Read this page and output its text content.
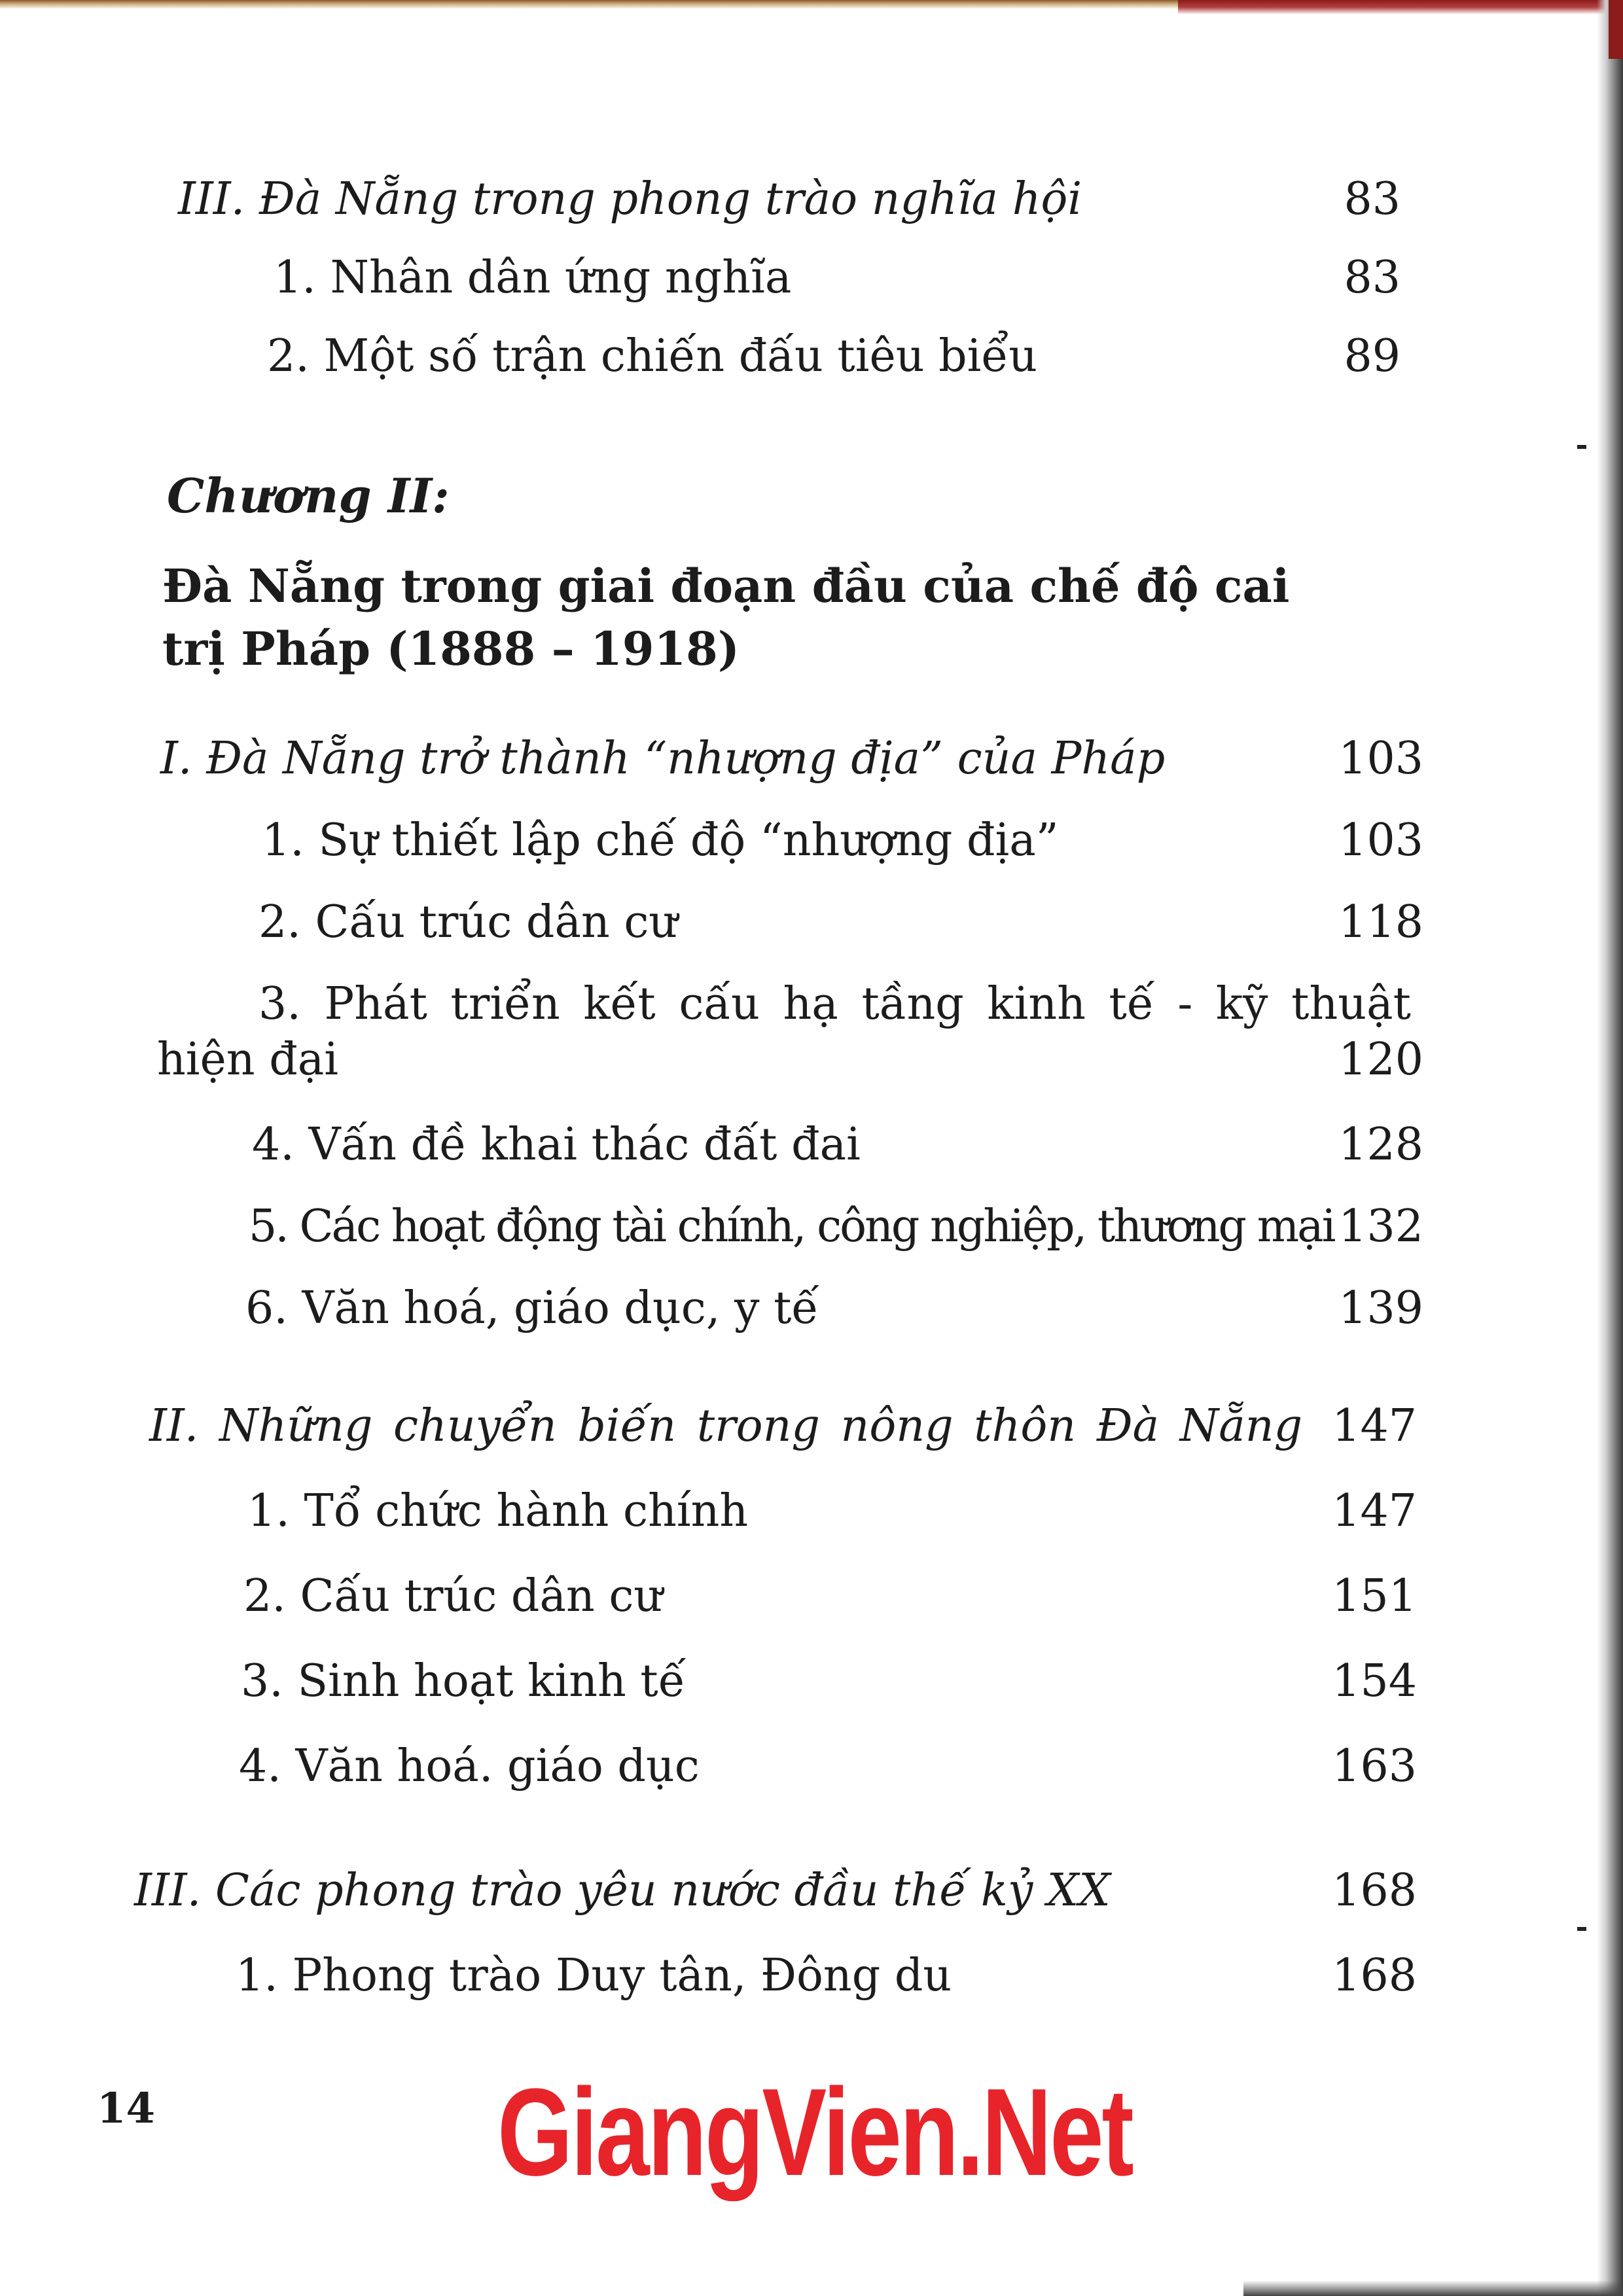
III. Đà Nẵng trong phong trào nghĩa hội	83
1. Nhân dân ứng nghĩa	83
2. Một số trận chiến đấu tiêu biểu	89
Chương II:
Đà Nẵng trong giai đoạn đầu của chế độ cai trị Pháp (1888 – 1918)
I. Đà Nẵng trở thành “nhượng địa” của Pháp	103
1. Sự thiết lập chế độ “nhượng địa”	103
2. Cấu trúc dân cư	118
3. Phát triển kết cấu hạ tầng kinh tế - kỹ thuật
hiện đại	120
4. Vấn đề khai thác đất đai	128
5. Các hoạt động tài chính, công nghiệp, thương mại 132
6. Văn hoá, giáo dục, y tế	139
II. Những chuyển biến trong nông thôn Đà Nẵng 147
1. Tổ chức hành chính	147
2. Cấu trúc dân cư	151
3. Sinh hoạt kinh tế	154
4. Văn hoá. giáo dục	163
III. Các phong trào yêu nước đầu thế kỷ XX	168
1. Phong trào Duy tân, Đông du	168
14	GiangVien.Net
